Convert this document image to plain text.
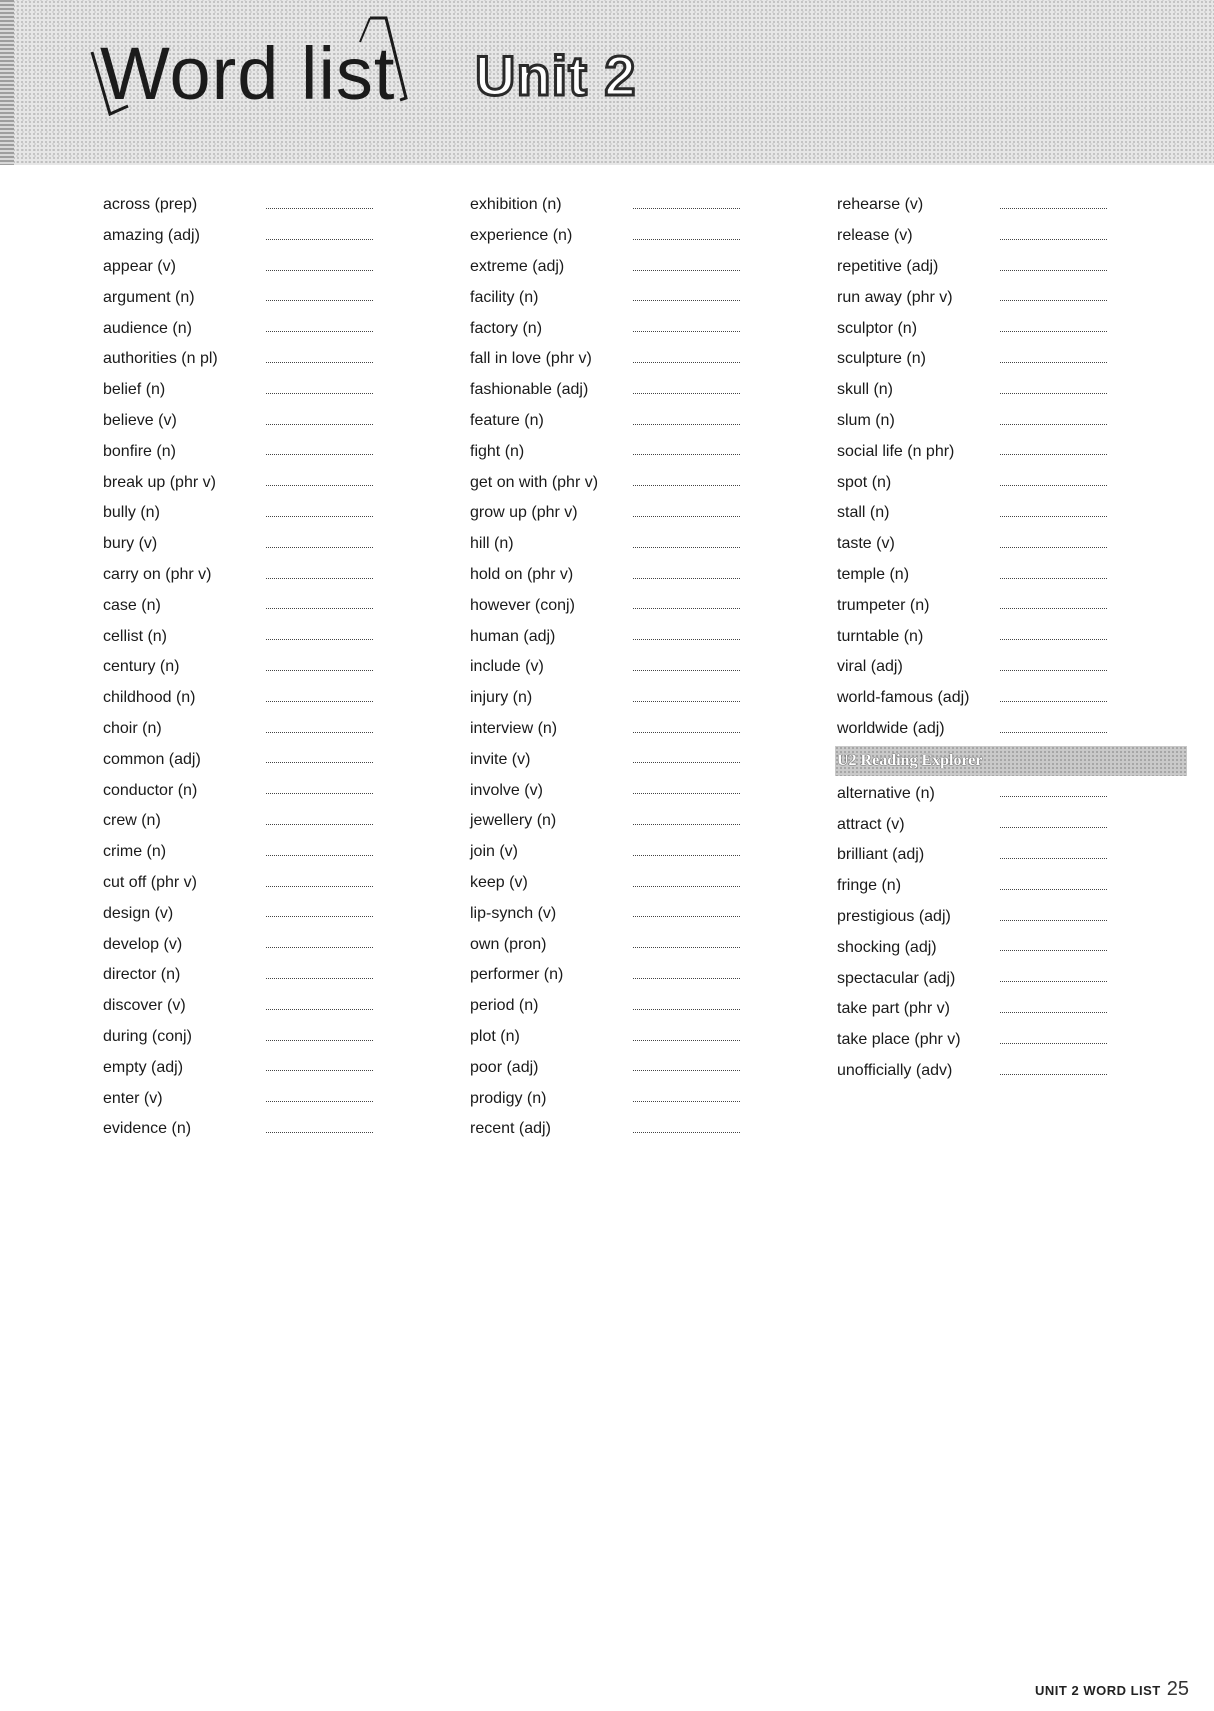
Word list Unit 2
across (prep)
amazing (adj)
appear (v)
argument (n)
audience (n)
authorities (n pl)
belief (n)
believe (v)
bonfire (n)
break up (phr v)
bully (n)
bury (v)
carry on (phr v)
case (n)
cellist (n)
century (n)
childhood (n)
choir (n)
common (adj)
conductor (n)
crew (n)
crime (n)
cut off (phr v)
design (v)
develop (v)
director (n)
discover (v)
during (conj)
empty (adj)
enter (v)
evidence (n)
exhibition (n)
experience (n)
extreme (adj)
facility (n)
factory (n)
fall in love (phr v)
fashionable (adj)
feature (n)
fight (n)
get on with (phr v)
grow up (phr v)
hill (n)
hold on (phr v)
however (conj)
human (adj)
include (v)
injury (n)
interview (n)
invite (v)
involve (v)
jewellery (n)
join (v)
keep (v)
lip-synch (v)
own (pron)
performer (n)
period (n)
plot (n)
poor (adj)
prodigy (n)
recent (adj)
rehearse (v)
release (v)
repetitive (adj)
run away (phr v)
sculptor (n)
sculpture (n)
skull (n)
slum (n)
social life (n phr)
spot (n)
stall (n)
taste (v)
temple (n)
trumpeter (n)
turntable (n)
viral (adj)
world-famous (adj)
worldwide (adj)
U2 Reading Explorer
alternative (n)
attract (v)
brilliant (adj)
fringe (n)
prestigious (adj)
shocking (adj)
spectacular (adj)
take part (phr v)
take place (phr v)
unofficially (adv)
UNIT 2 WORD LIST 25
